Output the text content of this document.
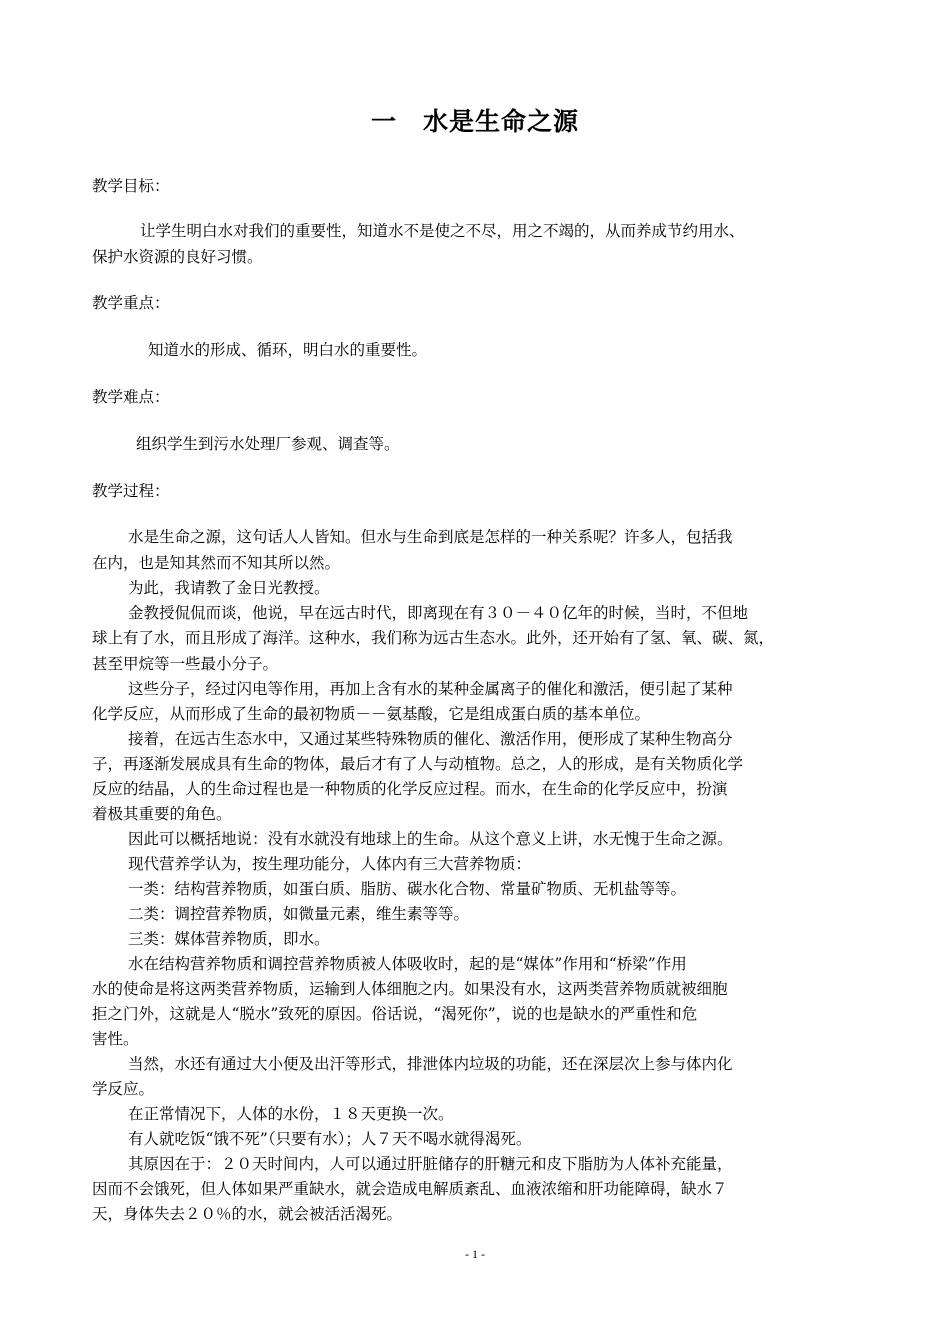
一　水是生命之源
教学目标：
让学生明白水对我们的重要性，知道水不是使之不尽，用之不竭的，从而养成节约用水、
保护水资源的良好习惯。
教学重点：
知道水的形成、循环，明白水的重要性。
教学难点：
组织学生到污水处理厂参观、调查等。
教学过程：
水是生命之源，这句话人人皆知。但水与生命到底是怎样的一种关系呢？许多人，包括我
在内，也是知其然而不知其所以然。
为此，我请教了金日光教授。
金教授侃侃而谈，他说，早在远古时代，即离现在有３０－４０亿年的时候，当时，不但地
球上有了水，而且形成了海洋。这种水，我们称为远古生态水。此外，还开始有了氢、氧、碳、氮，
甚至甲烷等一些最小分子。
这些分子，经过闪电等作用，再加上含有水的某种金属离子的催化和激活，便引起了某种
化学反应，从而形成了生命的最初物质－－氨基酸，它是组成蛋白质的基本单位。
接着，在远古生态水中，又通过某些特殊物质的催化、激活作用，便形成了某种生物高分
子，再逐渐发展成具有生命的物体，最后才有了人与动植物。总之，人的形成，是有关物质化学
反应的结晶，人的生命过程也是一种物质的化学反应过程。而水，在生命的化学反应中，扮演
着极其重要的角色。
因此可以概括地说：没有水就没有地球上的生命。从这个意义上讲，水无愧于生命之源。
现代营养学认为，按生理功能分，人体内有三大营养物质：
一类：结构营养物质，如蛋白质、脂肪、碳水化合物、常量矿物质、无机盐等等。
二类：调控营养物质，如微量元素，维生素等等。
三类：媒体营养物质，即水。
水在结构营养物质和调控营养物质被人体吸收时，起的是“媒体”作用和“桥梁”作用
水的使命是将这两类营养物质，运输到人体细胞之内。如果没有水，这两类营养物质就被细胞
拒之门外，这就是人“脱水”致死的原因。俗话说，“渴死你”，说的也是缺水的严重性和危
害性。
当然，水还有通过大小便及出汗等形式，排泄体内垃圾的功能，还在深层次上参与体内化
学反应。
在正常情况下，人体的水份，１８天更换一次。
有人就吃饭“饿不死”（只要有水）；人７天不喝水就得渴死。
其原因在于：２０天时间内，人可以通过肝脏储存的肝糖元和皮下脂肪为人体补充能量，
因而不会饿死，但人体如果严重缺水，就会造成电解质紊乱、血液浓缩和肝功能障碍，缺水７
天，身体失去２０％的水，就会被活活渴死。
- 1 -
